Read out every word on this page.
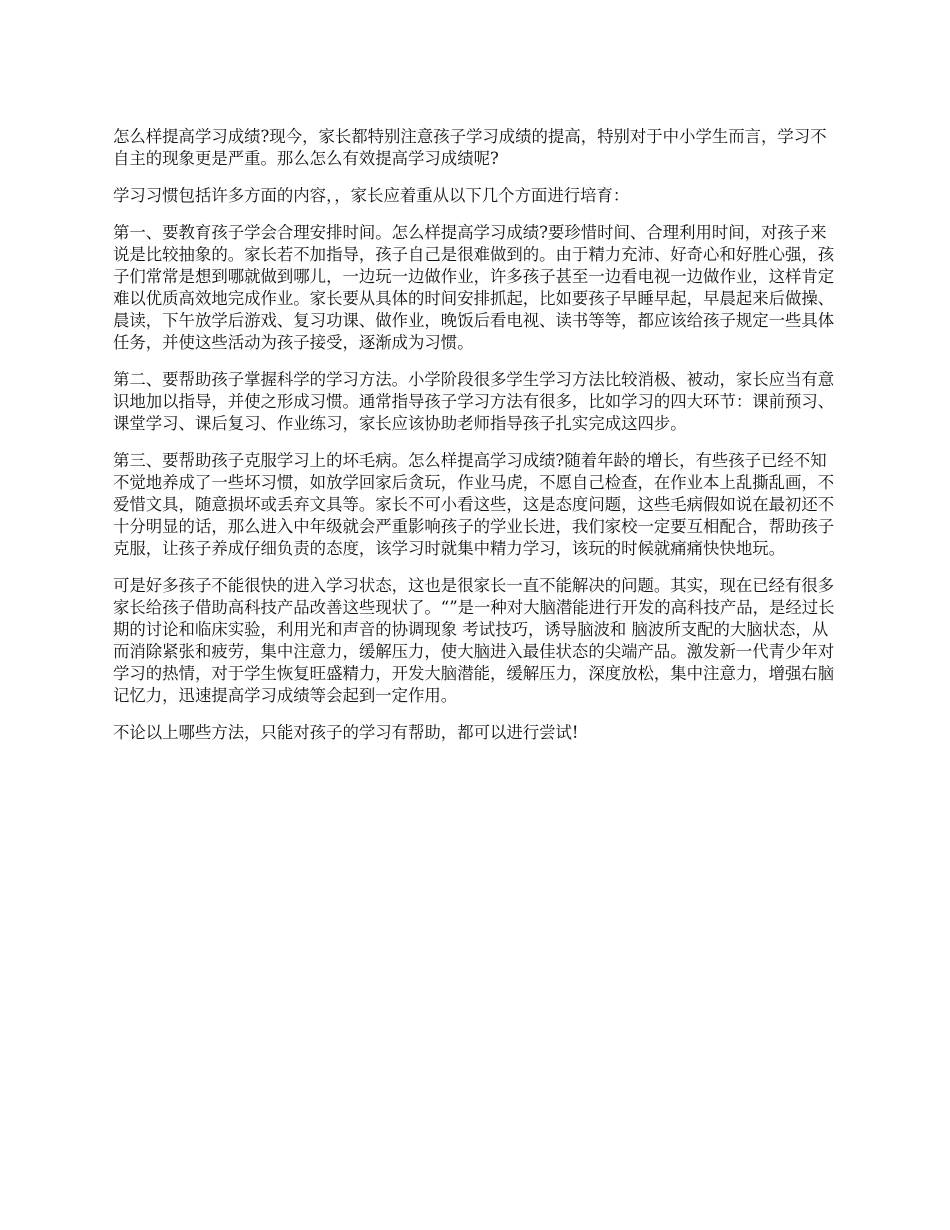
怎么样提高学习成绩?现今，家长都特别注意孩子学习成绩的提高，特别对于中小学生而言，学习不自主的现象更是严重。那么怎么有效提高学习成绩呢?

学习习惯包括许多方面的内容，，家长应着重从以下几个方面进行培育：

第一、要教育孩子学会合理安排时间。怎么样提高学习成绩?要珍惜时间、合理利用时间，对孩子来说是比较抽象的。家长若不加指导，孩子自己是很难做到的。由于精力充沛、好奇心和好胜心强，孩子们常常是想到哪就做到哪儿，一边玩一边做作业，许多孩子甚至一边看电视一边做作业，这样肯定难以优质高效地完成作业。家长要从具体的时间安排抓起，比如要孩子早睡早起，早晨起来后做操、晨读，下午放学后游戏、复习功课、做作业，晚饭后看电视、读书等等，都应该给孩子规定一些具体任务，并使这些活动为孩子接受，逐渐成为习惯。

第二、要帮助孩子掌握科学的学习方法。小学阶段很多学生学习方法比较消极、被动，家长应当有意识地加以指导，并使之形成习惯。通常指导孩子学习方法有很多，比如学习的四大环节：课前预习、课堂学习、课后复习、作业练习，家长应该协助老师指导孩子扎实完成这四步。

第三、要帮助孩子克服学习上的坏毛病。怎么样提高学习成绩?随着年龄的增长，有些孩子已经不知不觉地养成了一些坏习惯，如放学回家后贪玩，作业马虎，不愿自己检查，在作业本上乱撕乱画，不爱惜文具，随意损坏或丢弃文具等。家长不可小看这些，这是态度问题，这些毛病假如说在最初还不十分明显的话，那么进入中年级就会严重影响孩子的学业长进，我们家校一定要互相配合，帮助孩子克服，让孩子养成仔细负责的态度，该学习时就集中精力学习，该玩的时候就痛痛快快地玩。

可是好多孩子不能很快的进入学习状态，这也是很家长一直不能解决的问题。其实，现在已经有很多家长给孩子借助高科技产品改善这些现状了。“”是一种对大脑潜能进行开发的高科技产品，是经过长期的讨论和临床实验，利用光和声音的协调现象 考试技巧，诱导脑波和 脑波所支配的大脑状态，从而消除紧张和疲劳，集中注意力，缓解压力，使大脑进入最佳状态的尖端产品。激发新一代青少年对学习的热情，对于学生恢复旺盛精力，开发大脑潜能，缓解压力，深度放松，集中注意力，增强右脑记忆力，迅速提高学习成绩等会起到一定作用。

不论以上哪些方法，只能对孩子的学习有帮助，都可以进行尝试!
